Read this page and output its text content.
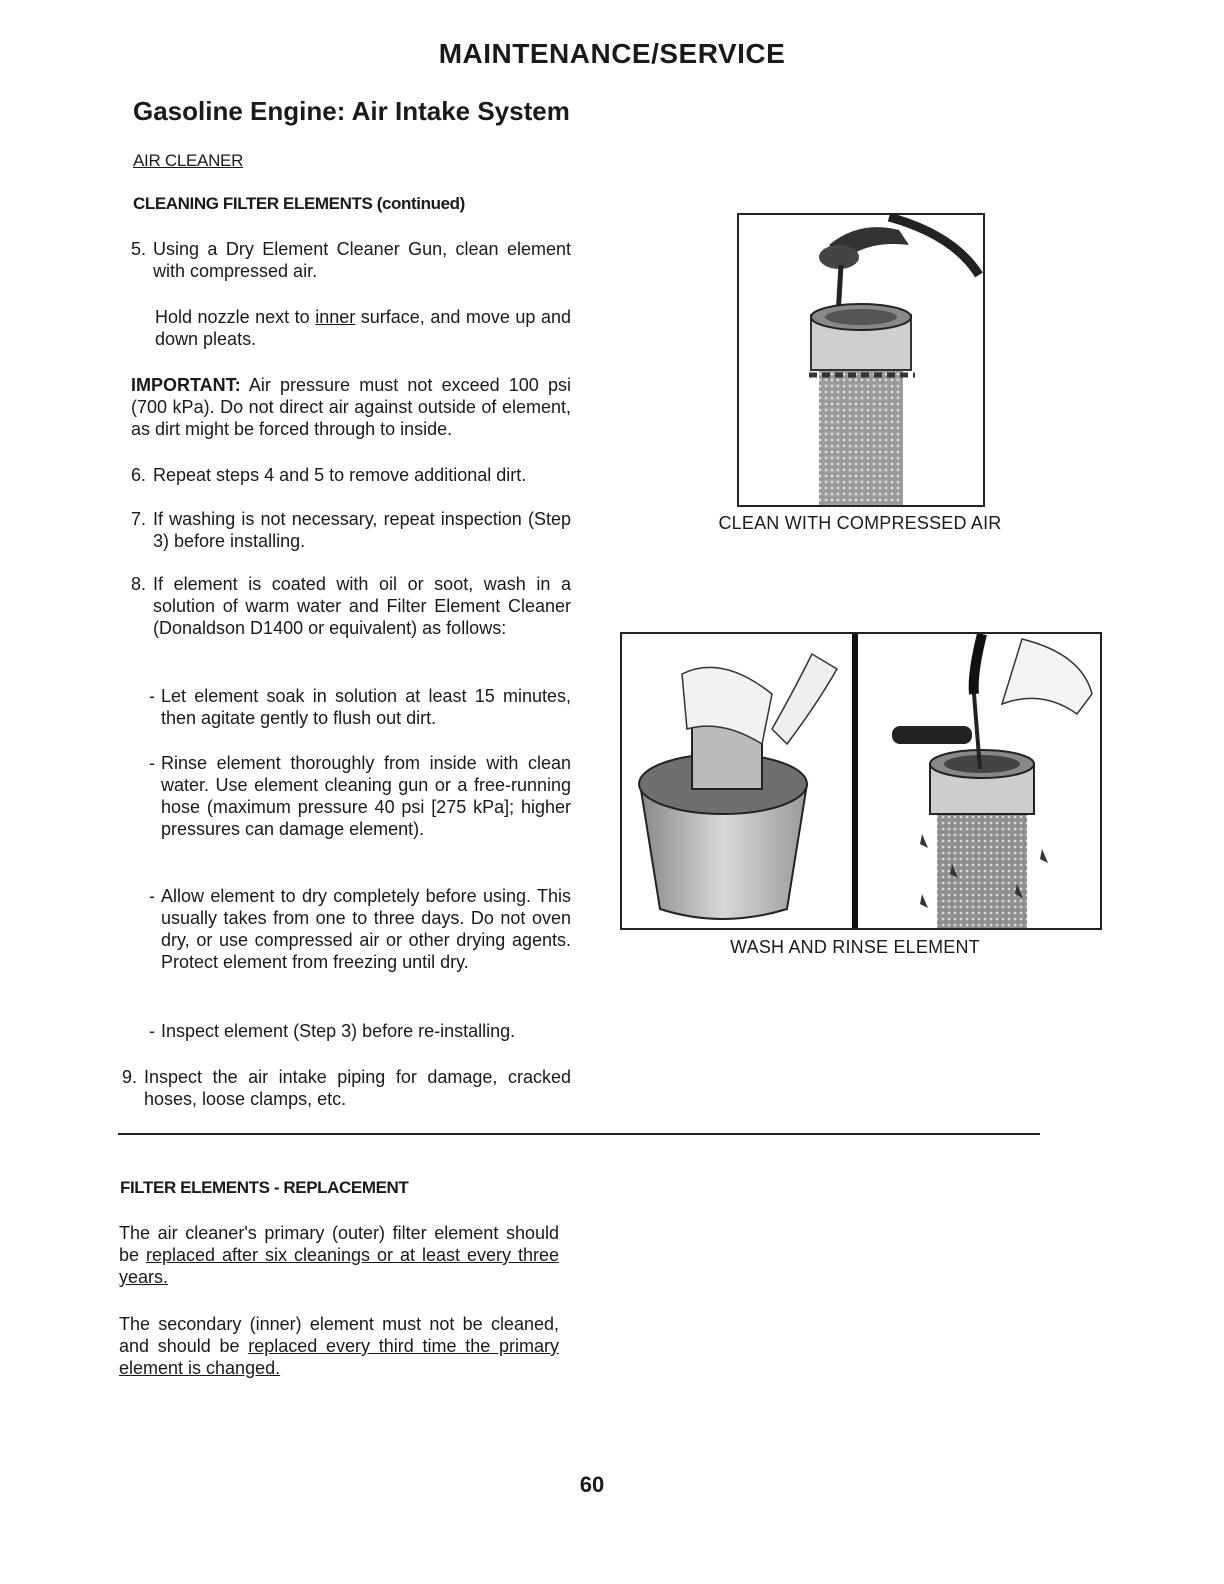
MAINTENANCE/SERVICE
Gasoline Engine: Air Intake System
AIR CLEANER
CLEANING FILTER ELEMENTS (continued)
5. Using a Dry Element Cleaner Gun, clean element with compressed air.
Hold nozzle next to inner surface, and move up and down pleats.
IMPORTANT: Air pressure must not exceed 100 psi (700 kPa). Do not direct air against outside of element, as dirt might be forced through to inside.
6. Repeat steps 4 and 5 to remove additional dirt.
7. If washing is not necessary, repeat inspection (Step 3) before installing.
8. If element is coated with oil or soot, wash in a solution of warm water and Filter Element Cleaner (Donaldson D1400 or equivalent) as follows:
- Let element soak in solution at least 15 minutes, then agitate gently to flush out dirt.
- Rinse element thoroughly from inside with clean water. Use element cleaning gun or a free-running hose (maximum pressure 40 psi [275 kPa]; higher pressures can damage element).
- Allow element to dry completely before using. This usually takes from one to three days. Do not oven dry, or use compressed air or other drying agents. Protect element from freezing until dry.
- Inspect element (Step 3) before re-installing.
9. Inspect the air intake piping for damage, cracked hoses, loose clamps, etc.
CLEAN WITH COMPRESSED AIR
WASH AND RINSE ELEMENT
FILTER ELEMENTS - REPLACEMENT
The air cleaner's primary (outer) filter element should be replaced after six cleanings or at least every three years.
The secondary (inner) element must not be cleaned, and should be replaced every third time the primary element is changed.
60
